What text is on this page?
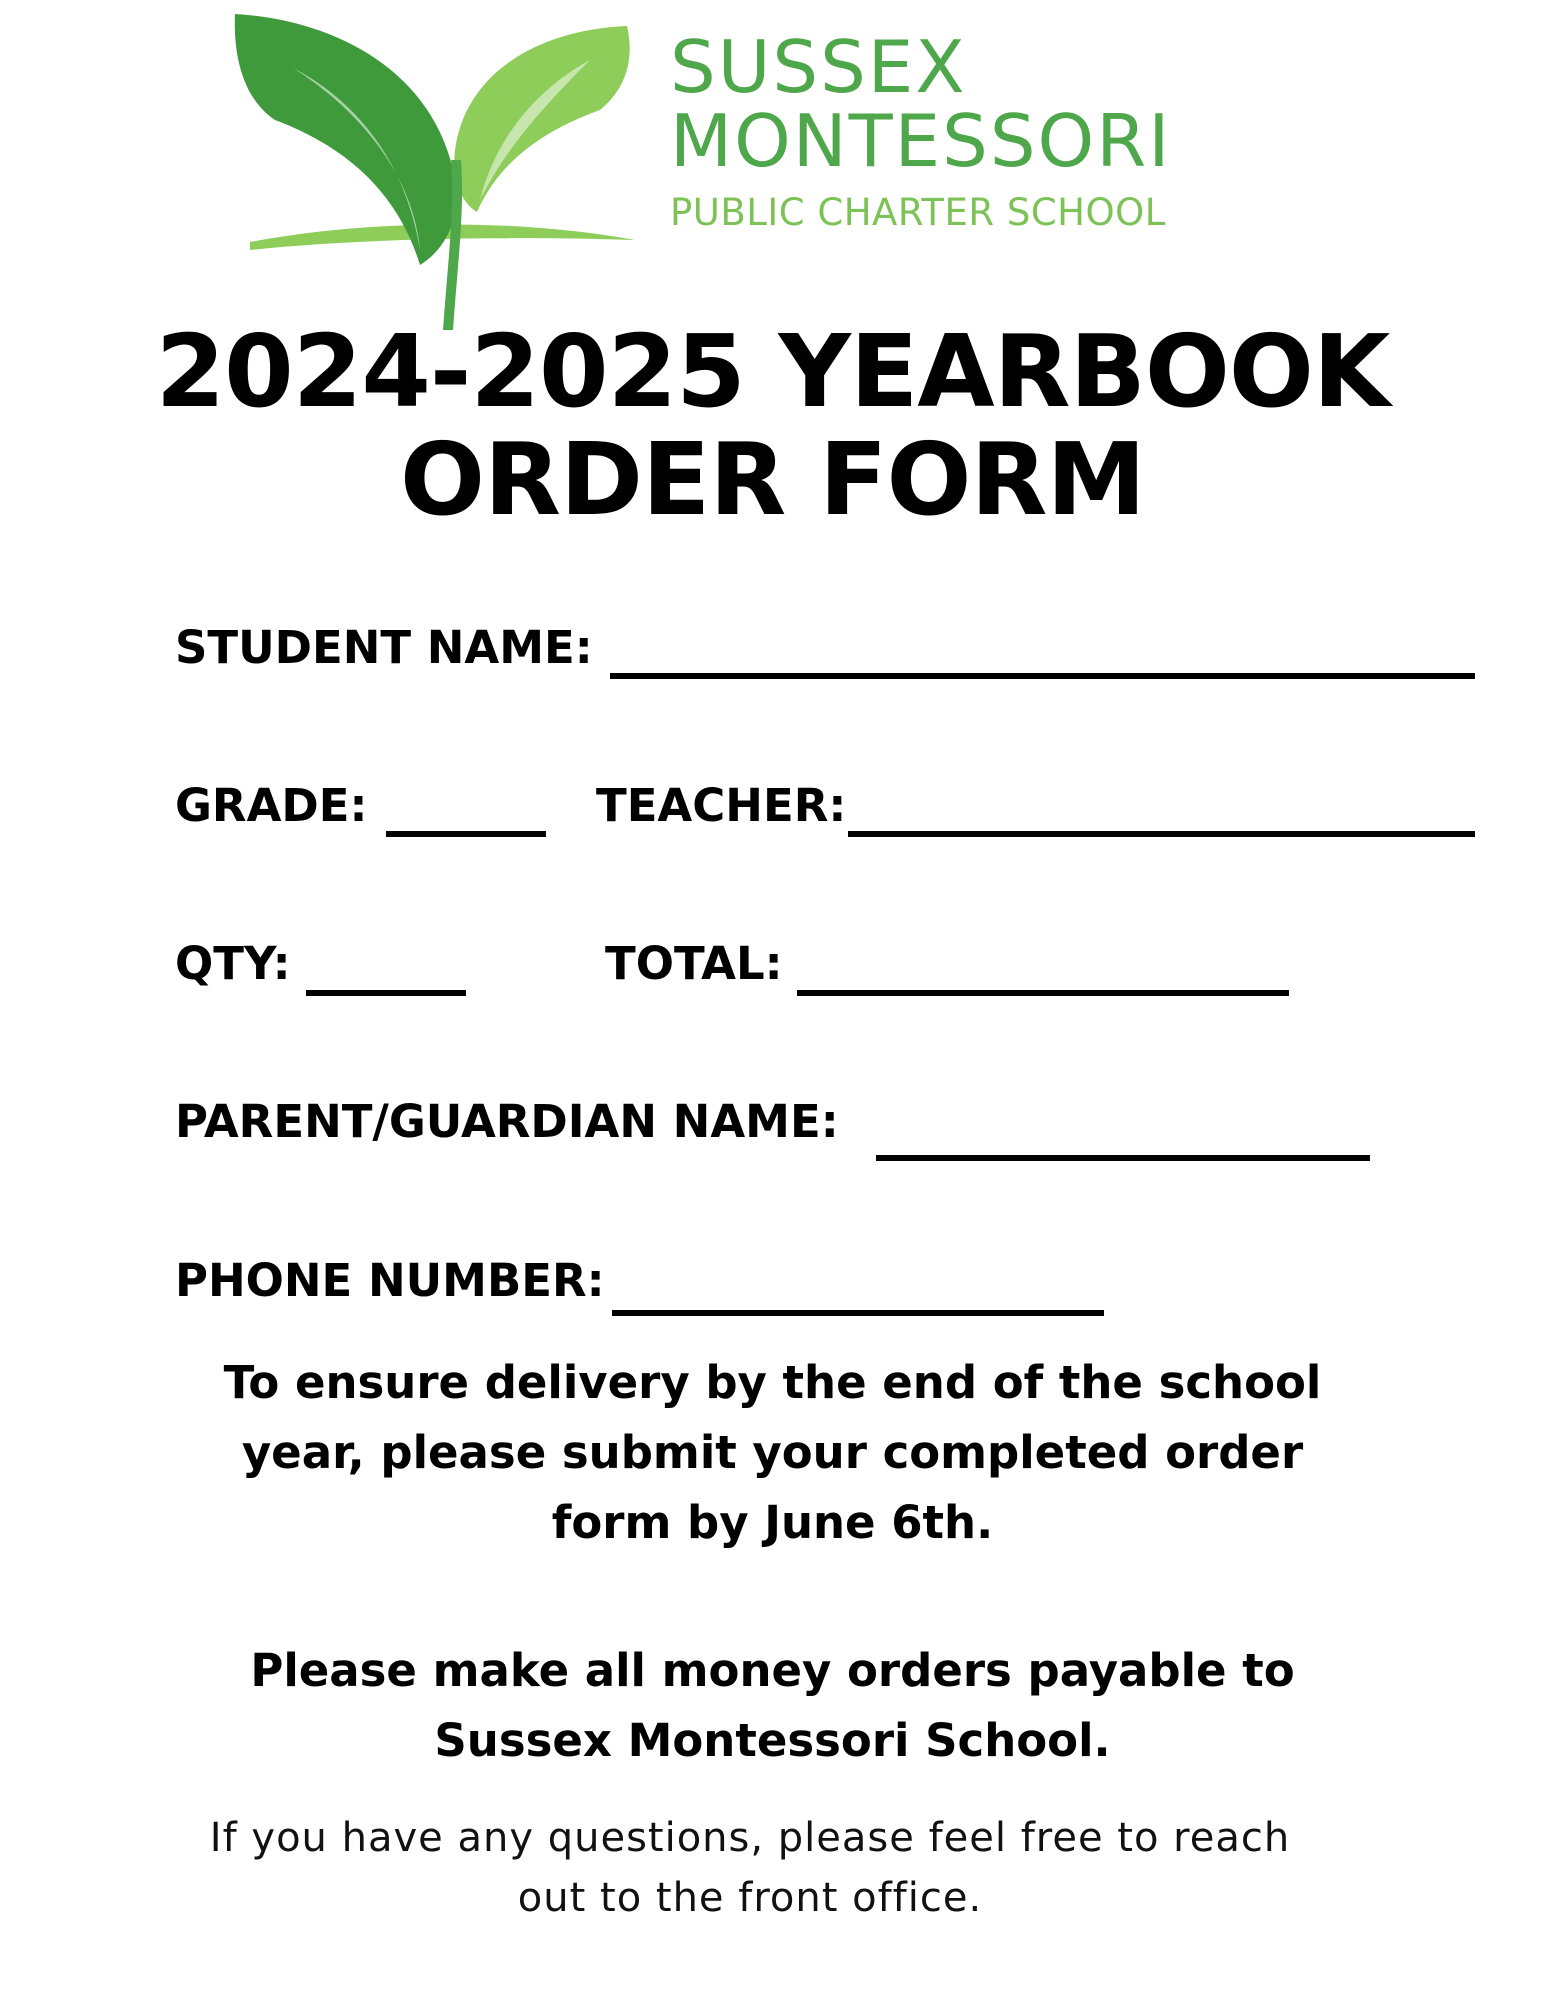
SUSSEX
MONTESSORI
PUBLIC CHARTER SCHOOL
2024-2025 YEARBOOK
ORDER FORM
STUDENT NAME:
GRADE:	TEACHER:
QTY:	TOTAL:
PARENT/GUARDIAN NAME:
PHONE NUMBER:
To ensure delivery by the end of the school
year, please submit your completed order
form by June 6th.
Please make all money orders payable to
Sussex Montessori School.
If you have any questions, please feel free to reach
out to the front office.
